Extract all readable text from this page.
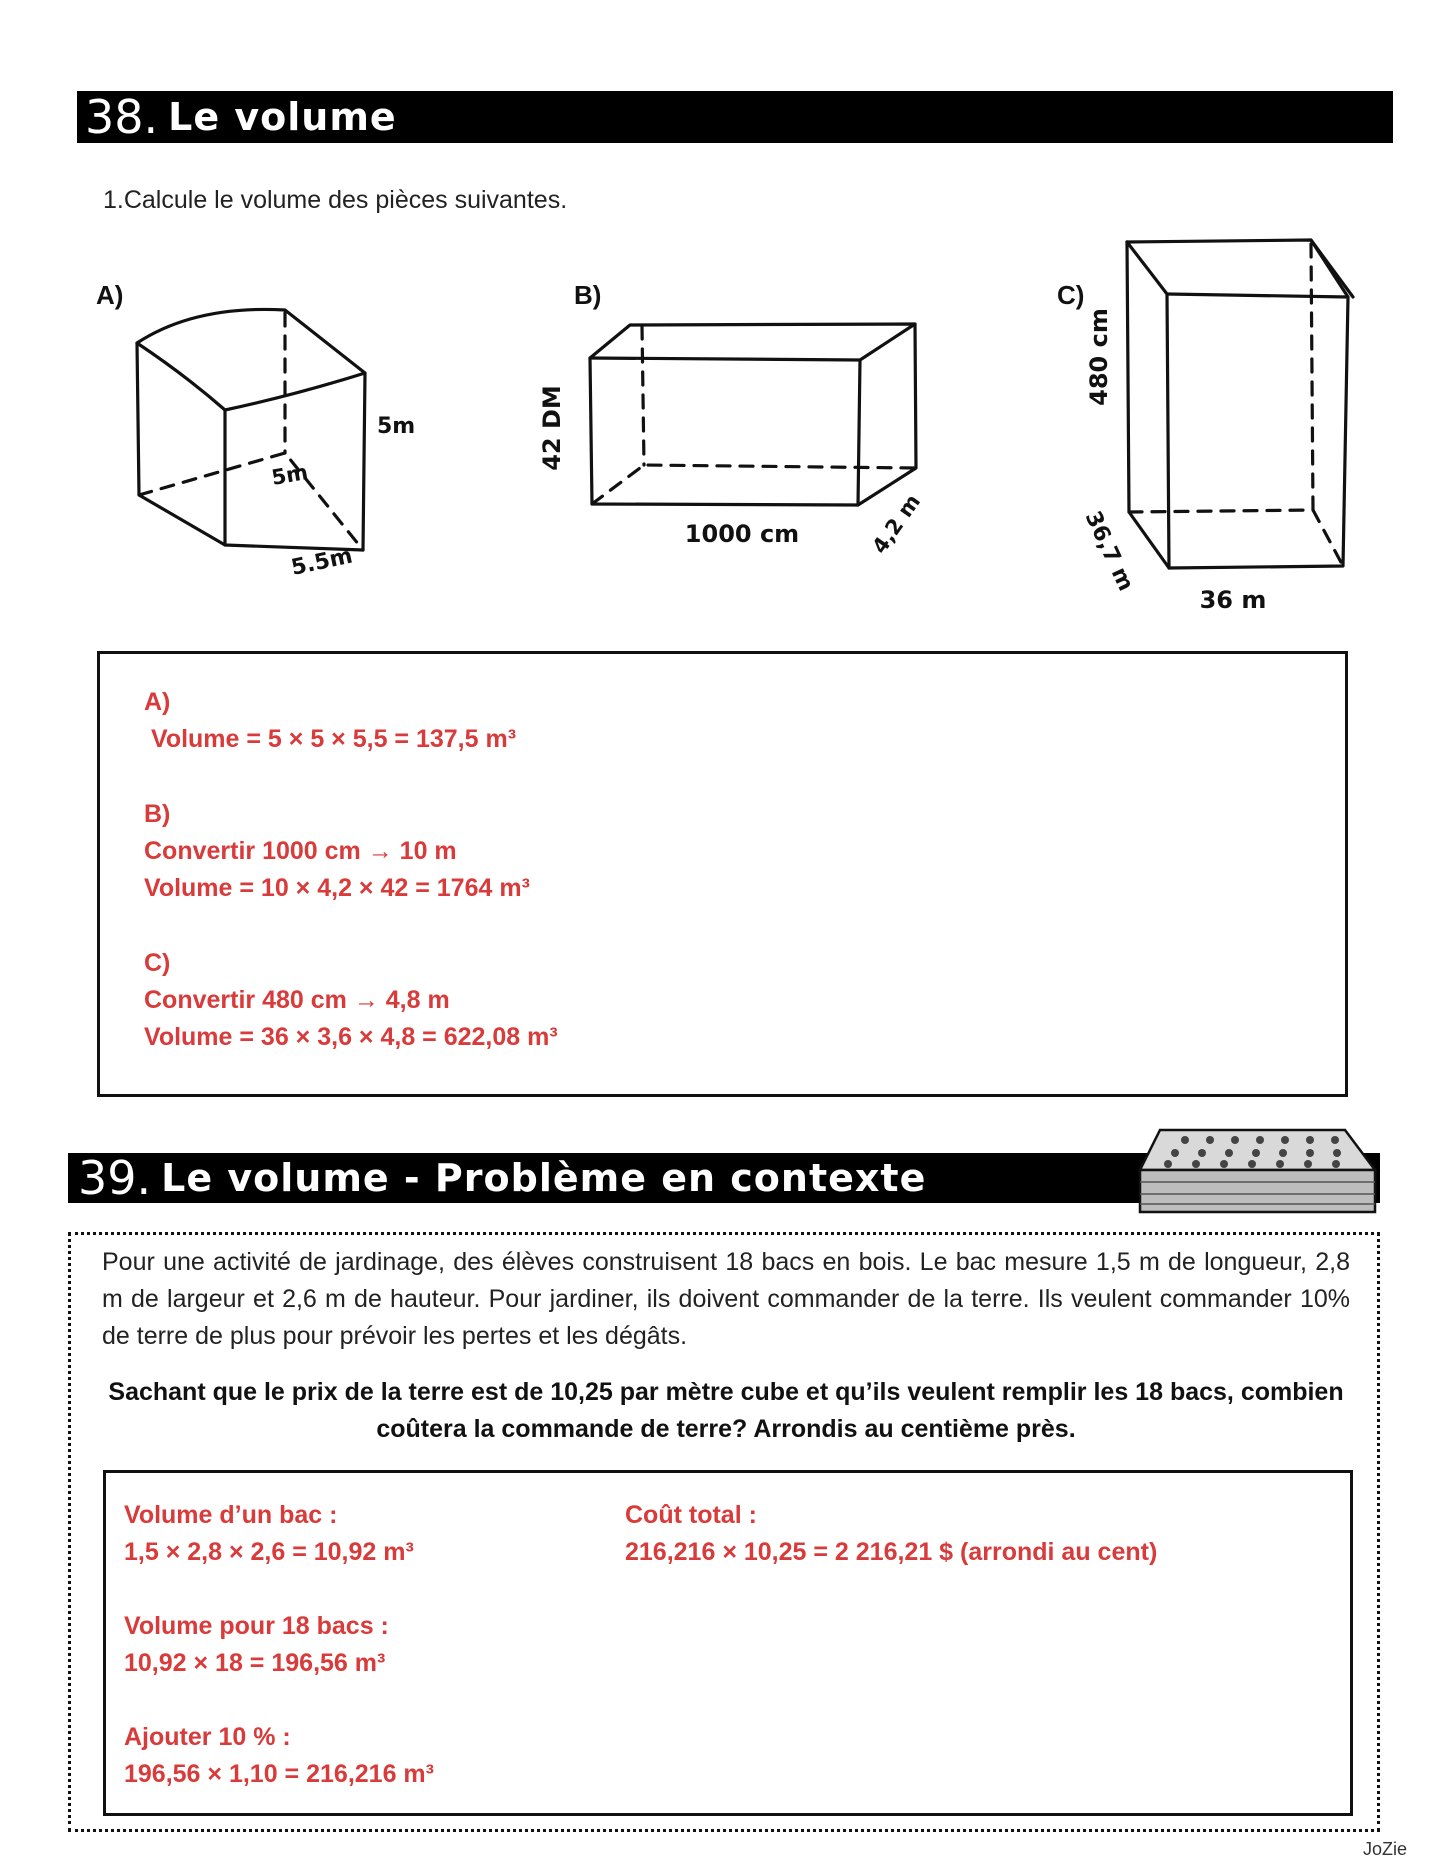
38. Le volume
1.Calcule le volume des pièces suivantes.
A)
5m
5m
5.5m
B)
42 DM
1000 cm	4,2 m
C)
480 cm
36,7 m
36 m
A)
Volume = 5 × 5 × 5,5 = 137,5 m³
B)
Convertir 1000 cm → 10 m
Volume = 10 × 4,2 × 42 = 1764 m³
C)
Convertir 480 cm → 4,8 m
Volume = 36 × 3,6 × 4,8 = 622,08 m³
39. Le volume - Problème en contexte
Pour une activité de jardinage, des élèves construisent 18 bacs en bois. Le bac mesure 1,5 m de longueur, 2,8 m de largeur et 2,6 m de hauteur. Pour jardiner, ils doivent commander de la terre. Ils veulent commander 10% de terre de plus pour prévoir les pertes et les dégâts.
Sachant que le prix de la terre est de 10,25 par mètre cube et qu’ils veulent remplir les 18 bacs, combien coûtera la commande de terre? Arrondis au centième près.
Volume d’un bac :
1,5 × 2,8 × 2,6 = 10,92 m³
Volume pour 18 bacs :
10,92 × 18 = 196,56 m³
Ajouter 10 % :
196,56 × 1,10 = 216,216 m³
Coût total :
216,216 × 10,25 = 2 216,21 $ (arrondi au cent)
JoZie
